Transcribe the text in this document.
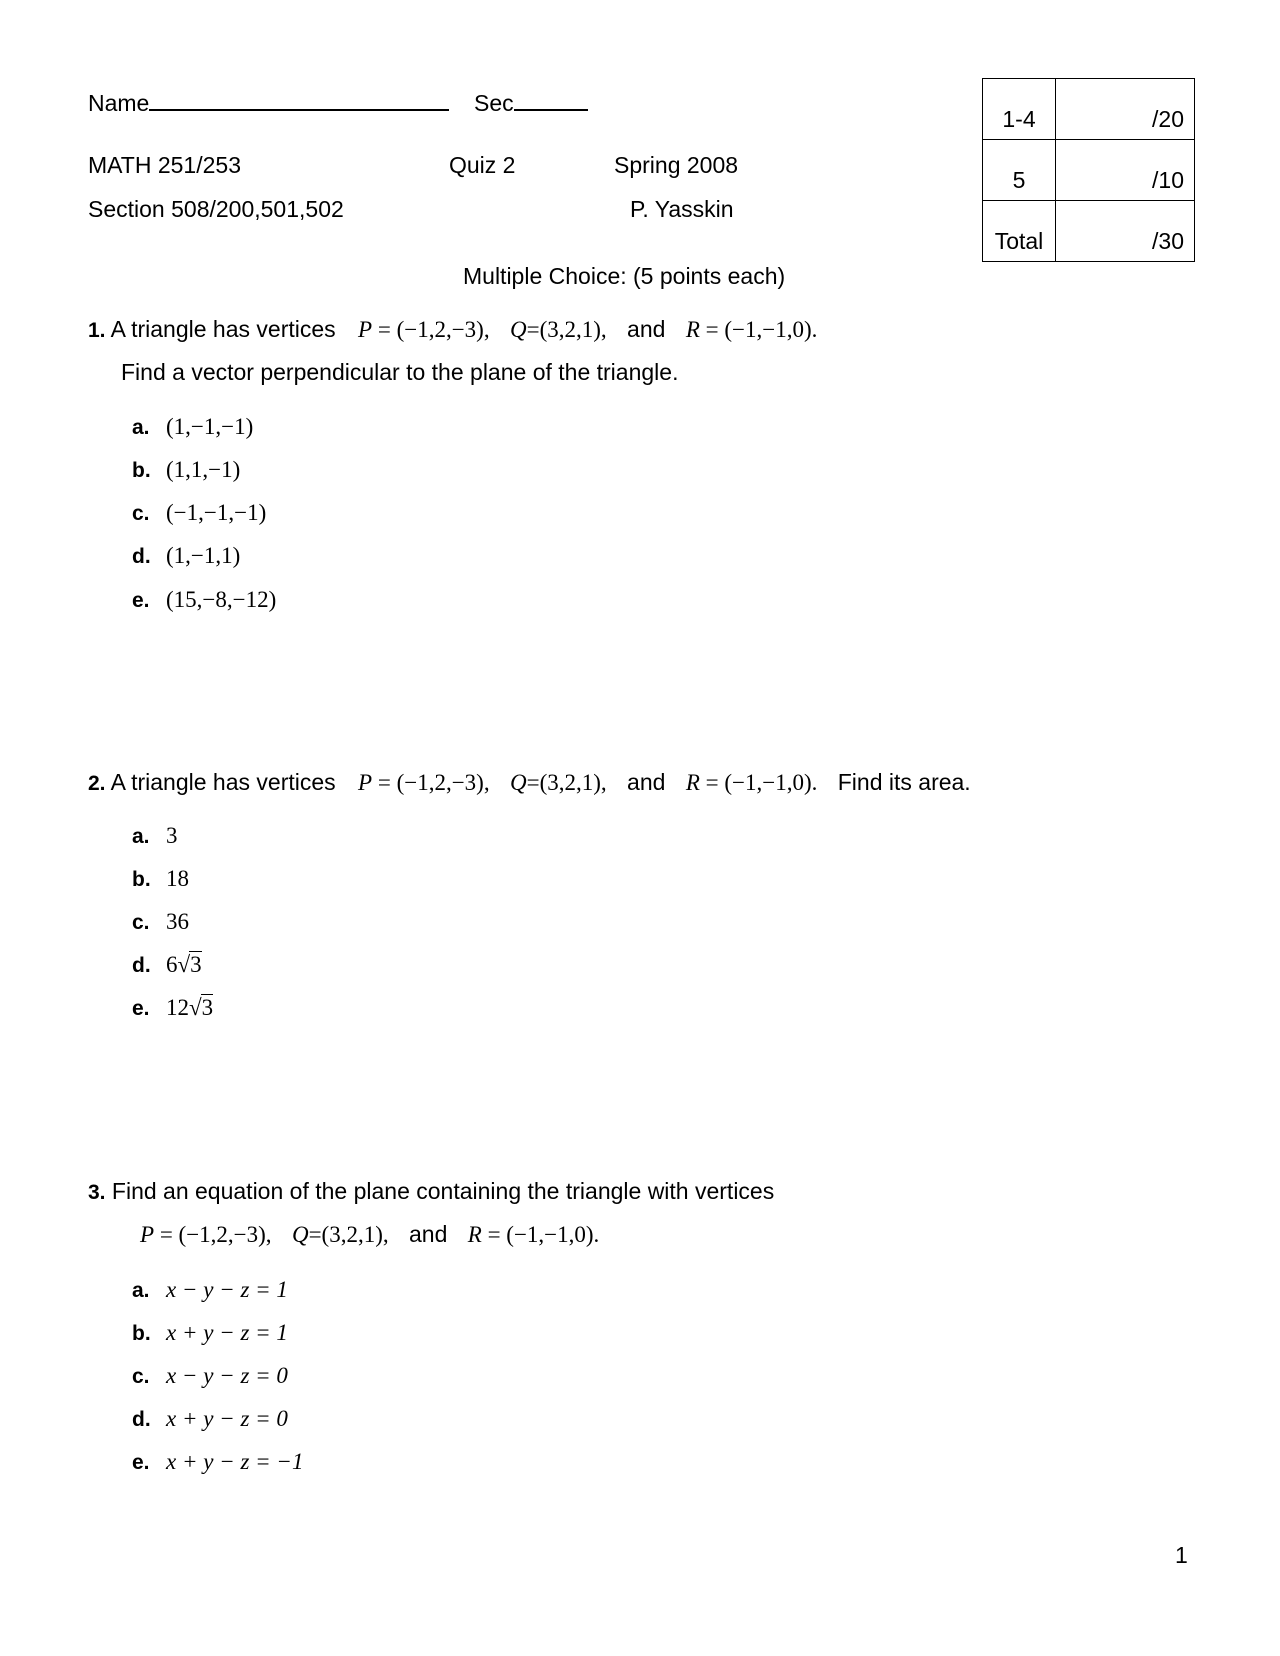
Name	Sec
MATH 251/253	Quiz 2	Spring 2008
Section 508/200,501,502	P. Yasskin
1-4	/20
5	/10
Total	/30
Multiple Choice: (5 points each)
1. A triangle has vertices P = (−1,2,−3), Q=(3,2,1), and R = (−1,−1,0).
Find a vector perpendicular to the plane of the triangle.
a. (1,−1,−1)
b. (1,1,−1)
c. (−1,−1,−1)
d. (1,−1,1)
e. (15,−8,−12)
2. A triangle has vertices P = (−1,2,−3), Q=(3,2,1), and R = (−1,−1,0). Find its area.
a. 3
b. 18
c. 36
d. 6√3
e. 12√3
3. Find an equation of the plane containing the triangle with vertices
P = (−1,2,−3), Q=(3,2,1), and R = (−1,−1,0).
a. x − y − z = 1
b. x + y − z = 1
c. x − y − z = 0
d. x + y − z = 0
e. x + y − z = −1
1
